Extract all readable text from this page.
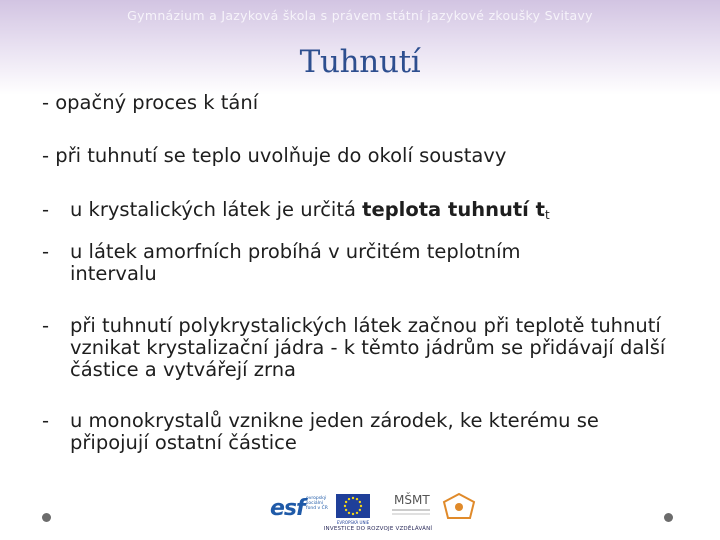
Gymnázium a Jazyková škola s právem státní jazykové zkoušky Svitavy
Tuhnutí

- opačný proces k tání

- při tuhnutí se teplo uvolňuje do okolí soustavy

- u krystalických látek je určitá teplota tuhnutí $t_t$
- u látek amorfních probíhá v určitém teplotním intervalu
- při tuhnutí polykrystalických látek začnou při teplotě tuhnutí vznikat krystalizační jádra - k těmto jádrům se přidávají další částice a vytvářejí zrna
- u monokrystalů vznikne jeden zárodek, ke kterému se připojují ostatní částice
esf evropský sociální fond v ČR
EVROPSKÁ UNIE
MŠMT
INVESTICE DO ROZVOJE VZDĚLÁVÁNÍ
